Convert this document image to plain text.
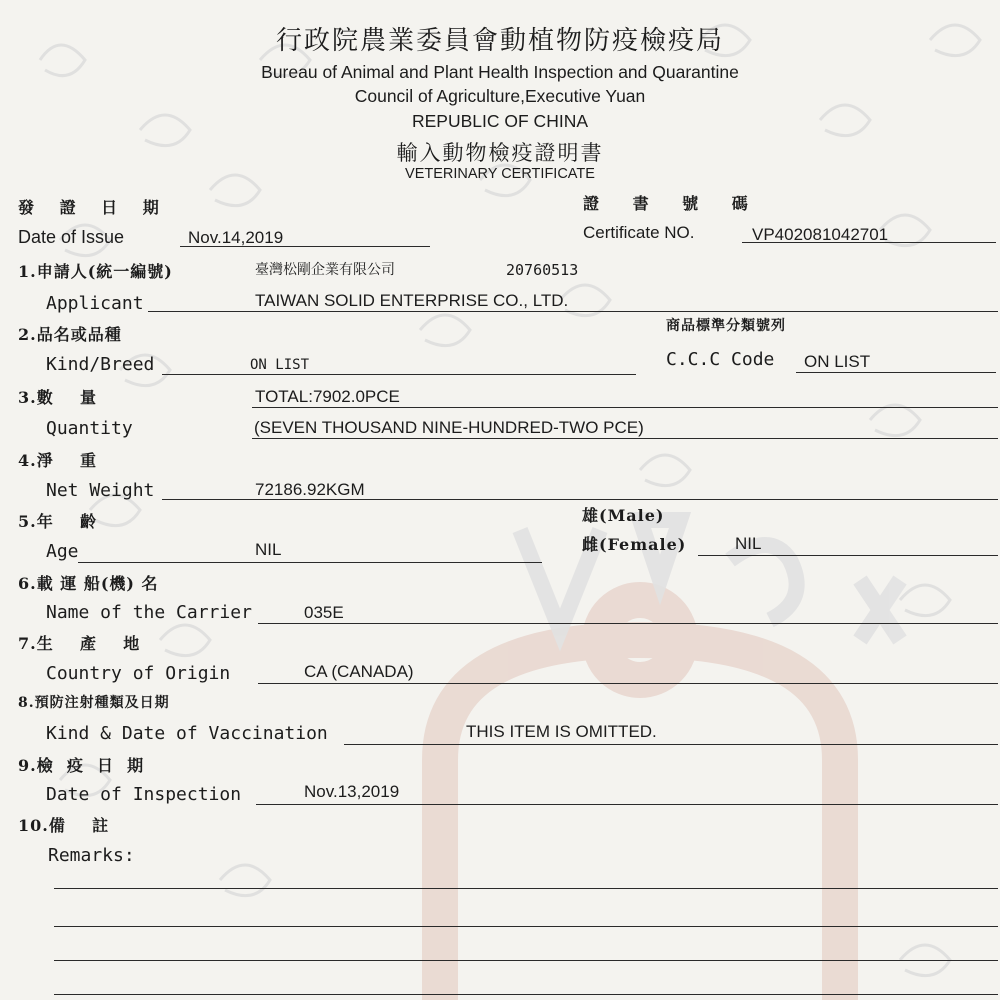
行政院農業委員會動植物防疫檢疫局
Bureau of Animal and Plant Health Inspection and Quarantine
Council of Agriculture,Executive Yuan
REPUBLIC OF CHINA
輸入動物檢疫證明書
VETERINARY CERTIFICATE
發 證 日 期
Date of Issue	Nov.14,2019
證 書 號 碼
Certificate NO.	VP402081042701
1.申請人(統一編號)
Applicant
臺灣松剛企業有限公司	20760513
TAIWAN SOLID ENTERPRISE CO., LTD.
2.品名或品種
Kind/Breed	ON LIST
商品標準分類號列
C.C.C Code ON LIST
3.數    量
Quantity
TOTAL:7902.0PCE
(SEVEN THOUSAND NINE-HUNDRED-TWO PCE)
4.淨    重
Net Weight	72186.92KGM
5.年    齡
Age	NIL
雄(Male)
雌(Female)	NIL
6.載 運 船(機) 名
Name of the Carrier	035E
7.生    產    地
Country of Origin	CA (CANADA)
8.預防注射種類及日期
Kind & Date of Vaccination	THIS ITEM IS OMITTED.
9.檢  疫  日  期
Date of Inspection	Nov.13,2019
10.備    註
Remarks:
